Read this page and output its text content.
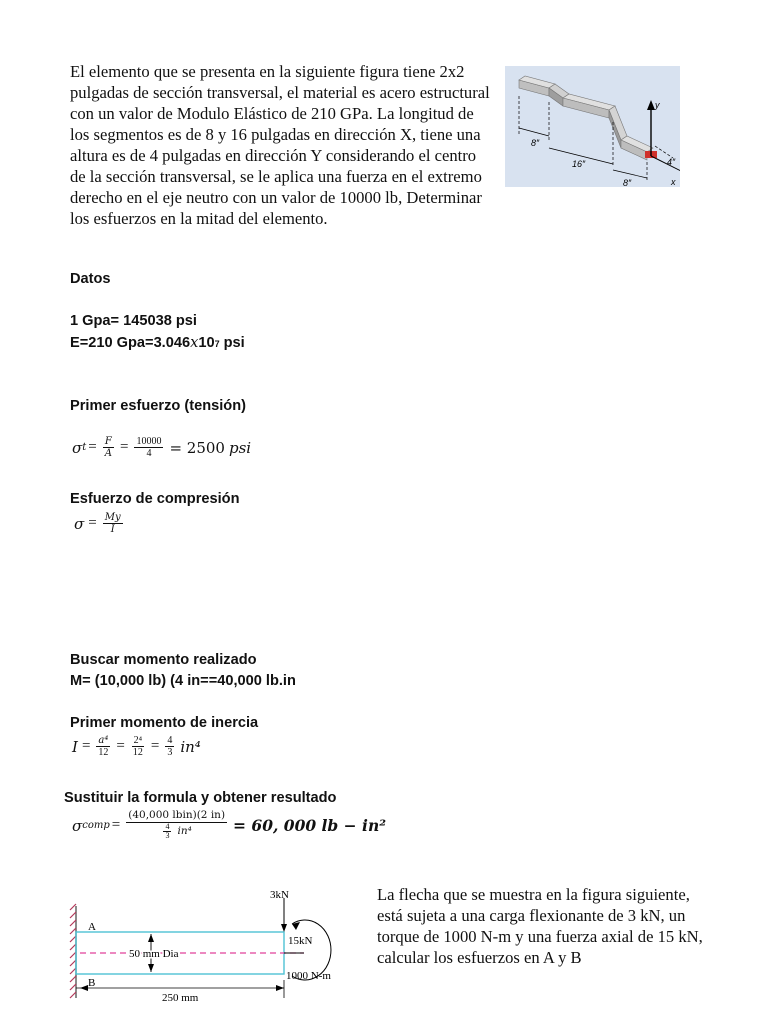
El elemento que se presenta en la siguiente figura tiene 2x2 pulgadas de sección transversal, el material es acero estructural con un valor de Modulo Elástico de 210 GPa. La longitud de los segmentos es de 8 y 16 pulgadas en dirección X, tiene una altura es de 4 pulgadas en dirección Y considerando el centro de la sección transversal, se le aplica una fuerza en el extremo derecho en el eje neutro con un valor de 10000 lb, Determinar los esfuerzos en la mitad del elemento.
y
x
8″
16″
8″
4″
Datos
1 Gpa= 145038 psi
E=210 Gpa=3.046 x 10 7 psi
Primer esfuerzo (tensión)
σ $t = \frac{F}{A} = \frac{10000}{4} = 2500$ psi
Esfuerzo de compresión
$\sigma = \frac{My}{I}$
Buscar momento realizado
M= (10,000 lb) (4 in==40,000 lb.in
Primer momento de inercia
$I = \frac{\text{a⁴}}{12} = \frac{\text{2⁴}}{12} = \frac{4}{3} in^4$
Sustituir la formula y obtener resultado
σ comp = $\frac{\text{(40,000 lbin)(2 in)}}{\frac{4}{3} in^4} = 60$, 000 lb − in²
A
B
3kN
15kN
1000 N-m
50 mm Dia
250 mm
La flecha que se muestra en la figura siguiente, está sujeta a una carga flexionante de 3 kN, un torque de 1000 N-m y una fuerza axial de 15 kN, calcular los esfuerzos en A y B
